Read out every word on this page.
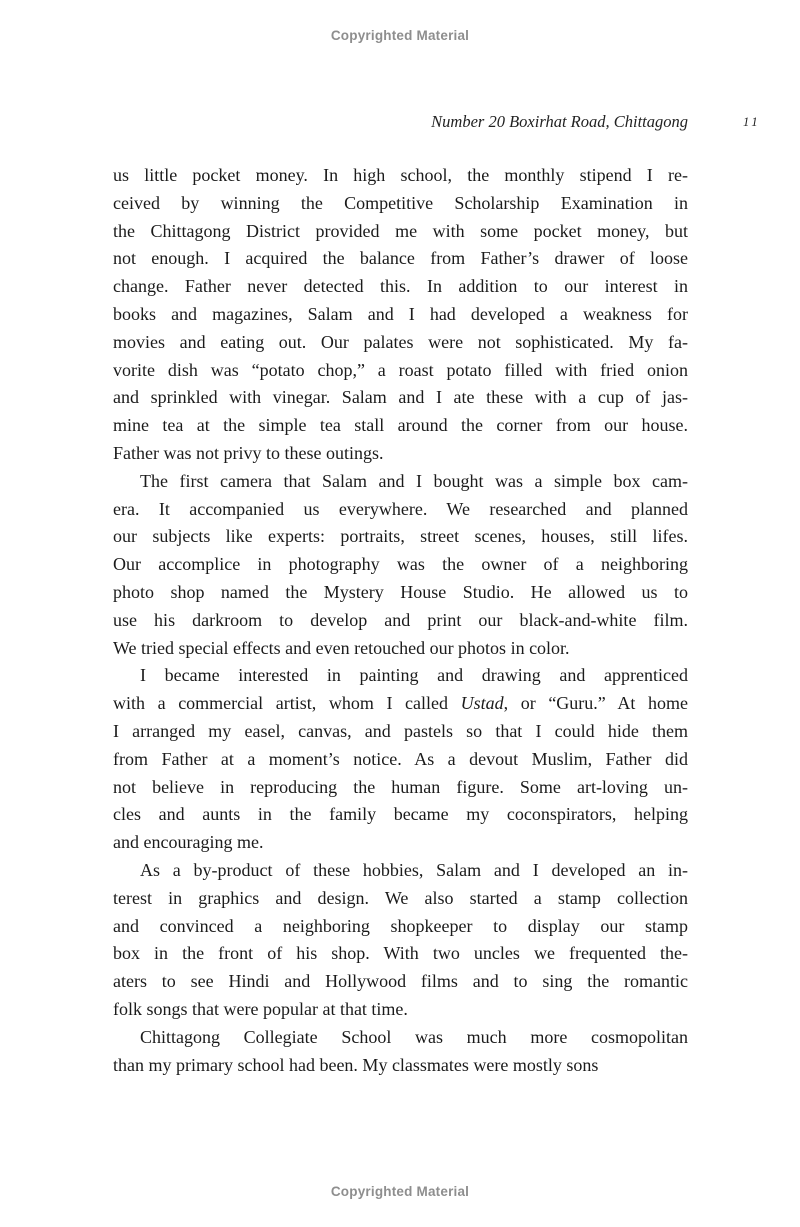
Copyrighted Material
Number 20 Boxirhat Road, Chittagong	11
us little pocket money. In high school, the monthly stipend I re-
ceived by winning the Competitive Scholarship Examination in
the Chittagong District provided me with some pocket money, but
not enough. I acquired the balance from Father’s drawer of loose
change. Father never detected this. In addition to our interest in
books and magazines, Salam and I had developed a weakness for
movies and eating out. Our palates were not sophisticated. My fa-
vorite dish was “potato chop,” a roast potato filled with fried onion
and sprinkled with vinegar. Salam and I ate these with a cup of jas-
mine tea at the simple tea stall around the corner from our house.
Father was not privy to these outings.
The first camera that Salam and I bought was a simple box cam-
era. It accompanied us everywhere. We researched and planned
our subjects like experts: portraits, street scenes, houses, still lifes.
Our accomplice in photography was the owner of a neighboring
photo shop named the Mystery House Studio. He allowed us to
use his darkroom to develop and print our black-and-white film.
We tried special effects and even retouched our photos in color.
I became interested in painting and drawing and apprenticed
with a commercial artist, whom I called Ustad, or “Guru.” At home
I arranged my easel, canvas, and pastels so that I could hide them
from Father at a moment’s notice. As a devout Muslim, Father did
not believe in reproducing the human figure. Some art-loving un-
cles and aunts in the family became my coconspirators, helping
and encouraging me.
As a by-product of these hobbies, Salam and I developed an in-
terest in graphics and design. We also started a stamp collection
and convinced a neighboring shopkeeper to display our stamp
box in the front of his shop. With two uncles we frequented the-
aters to see Hindi and Hollywood films and to sing the romantic
folk songs that were popular at that time.
Chittagong Collegiate School was much more cosmopolitan
than my primary school had been. My classmates were mostly sons
Copyrighted Material
